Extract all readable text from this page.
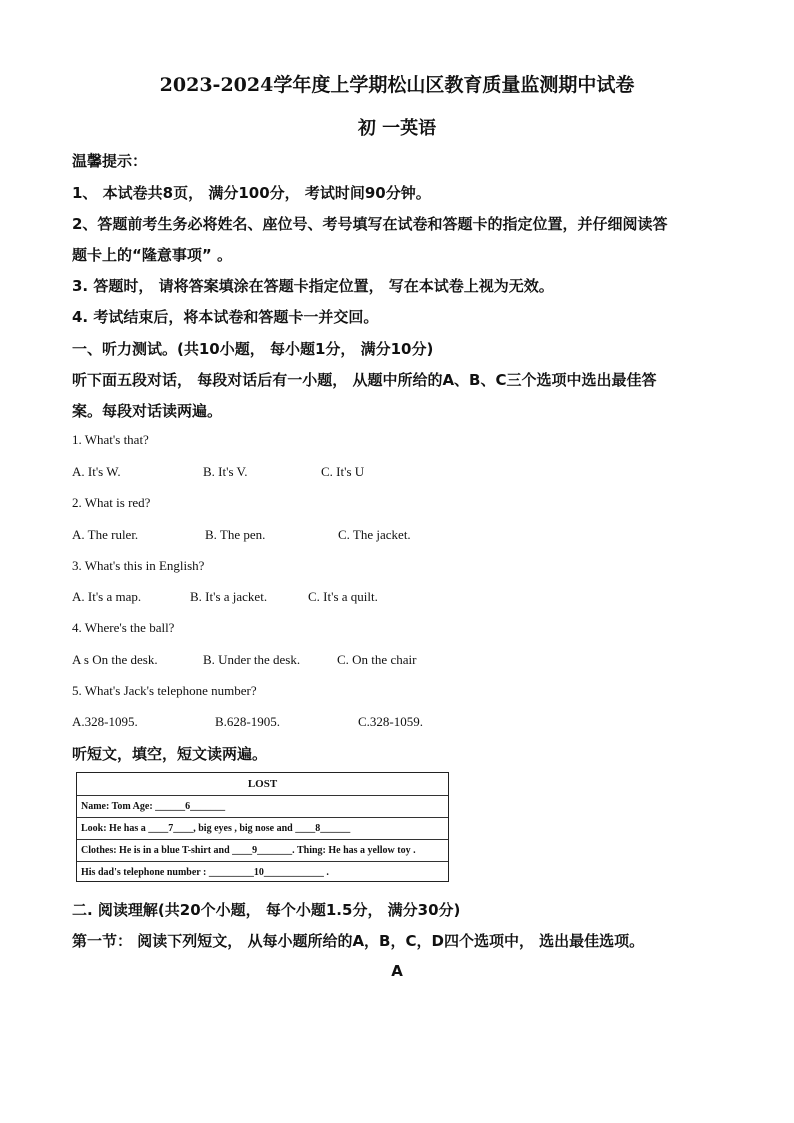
2023-2024学年度上学期松山区教育质量监测期中试卷
初 一英语
温馨提示：
1、 本试卷共8页， 满分100分， 考试时间90分钟。
2、答题前考生务必将姓名、座位号、考号填写在试卷和答题卡的指定位置，并仔细阅读答
题卡上的“隆意事项” 。
3. 答题时， 请将答案填涂在答题卡指定位置， 写在本试卷上视为无效。
4. 考试结束后，将本试卷和答题卡一并交回。
一、听力测试。(共10小题， 每小题1分， 满分10分)
听下面五段对话， 每段对话后有一小题， 从题中所给的A、B、C三个选项中选出最佳答
案。每段对话读两遍。
1. What's that?
A. It's W.	B. It's V.	C. It's U
2. What is red?
A. The ruler.	B. The pen.	C. The jacket.
3. What's this in English?
A. It's a map.	B. It's a jacket.	C. It's a quilt.
4. Where's the ball?
A s On the desk.	B. Under the desk.	C. On the chair
5. What's Jack's telephone number?
A.328-1095.	B.628-1905.	C.328-1059.
听短文，填空，短文读两遍。
LOST
Name: Tom Age: ______6_______
Look: He has a ____7____, big eyes , big nose and ____8______
Clothes: He is in a blue T-shirt and ____9_______. Thing: He has a yellow toy .
His dad's telephone number : _________10____________ .
二. 阅读理解(共20个小题， 每个小题1.5分， 满分30分)
第一节： 阅读下列短文， 从每小题所给的A，B，C，D四个选项中， 选出最佳选项。
A
